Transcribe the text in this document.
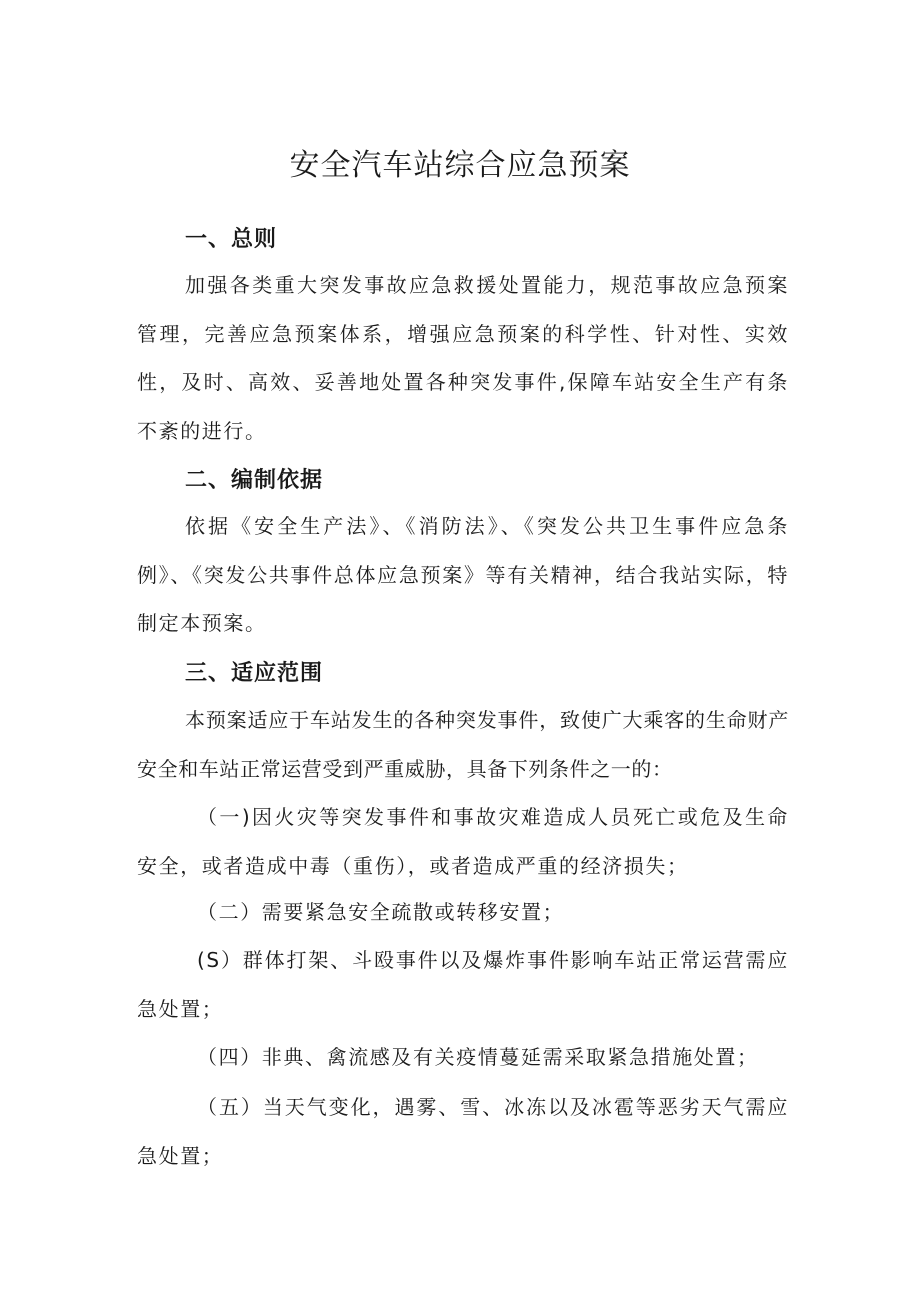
安全汽车站综合应急预案
一、总则
加强各类重大突发事故应急救援处置能力，规范事故应急预案管理，完善应急预案体系，增强应急预案的科学性、针对性、实效性，及时、高效、妥善地处置各种突发事件,保障车站安全生产有条不紊的进行。
二、编制依据
依据《安全生产法》、《消防法》、《突发公共卫生事件应急条例》、《突发公共事件总体应急预案》等有关精神，结合我站实际，特制定本预案。
三、适应范围
本预案适应于车站发生的各种突发事件，致使广大乘客的生命财产安全和车站正常运营受到严重威胁，具备下列条件之一的：
（一)因火灾等突发事件和事故灾难造成人员死亡或危及生命安全，或者造成中毒（重伤），或者造成严重的经济损失；
（二）需要紧急安全疏散或转移安置；
(S）群体打架、斗殴事件以及爆炸事件影响车站正常运营需应急处置；
（四）非典、禽流感及有关疫情蔓延需采取紧急措施处置；
（五）当天气变化，遇雾、雪、冰冻以及冰雹等恶劣天气需应急处置；
